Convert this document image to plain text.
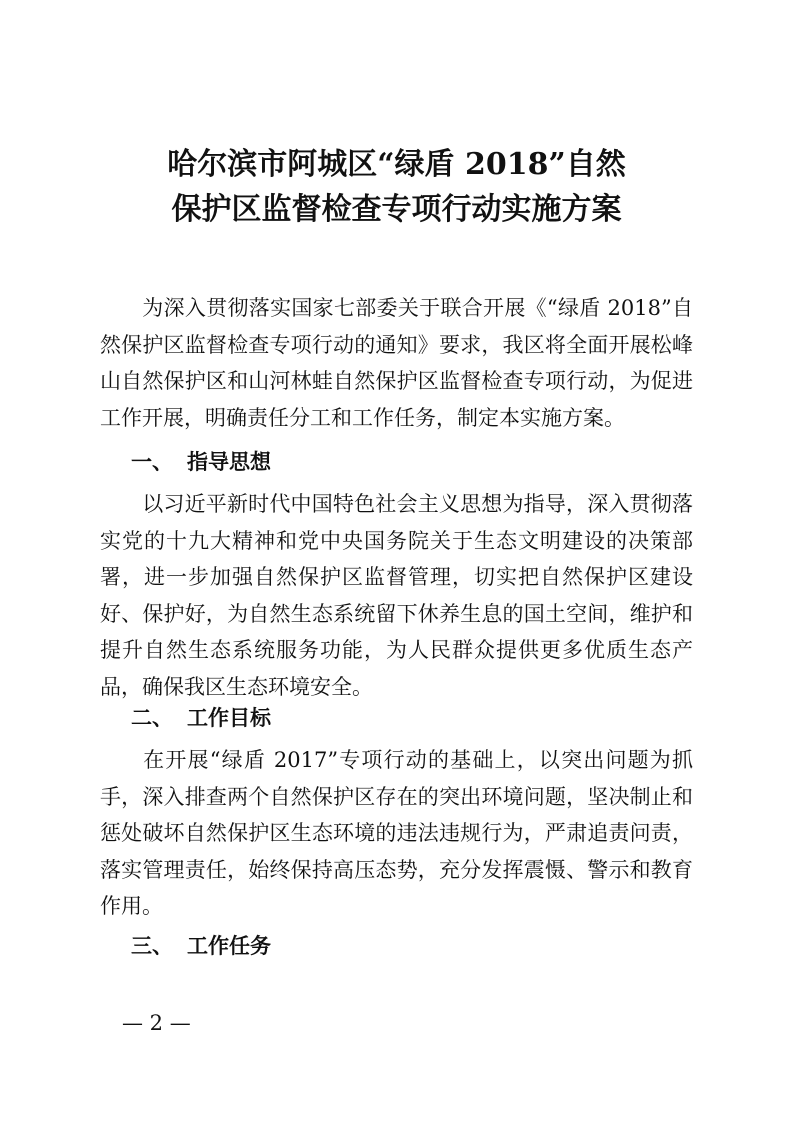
哈尔滨市阿城区“绿盾 2018”自然
保护区监督检查专项行动实施方案

为深入贯彻落实国家七部委关于联合开展《“绿盾 2018”自然保护区监督检查专项行动的通知》要求，我区将全面开展松峰山自然保护区和山河林蛙自然保护区监督检查专项行动，为促进工作开展，明确责任分工和工作任务，制定本实施方案。

一、 指导思想

以习近平新时代中国特色社会主义思想为指导，深入贯彻落实党的十九大精神和党中央国务院关于生态文明建设的决策部署，进一步加强自然保护区监督管理，切实把自然保护区建设好、保护好，为自然生态系统留下休养生息的国土空间，维护和提升自然生态系统服务功能，为人民群众提供更多优质生态产品，确保我区生态环境安全。

二、 工作目标

在开展“绿盾 2017”专项行动的基础上，以突出问题为抓手，深入排查两个自然保护区存在的突出环境问题，坚决制止和惩处破坏自然保护区生态环境的违法违规行为，严肃追责问责，落实管理责任，始终保持高压态势，充分发挥震慑、警示和教育作用。

三、 工作任务
— 2 —
